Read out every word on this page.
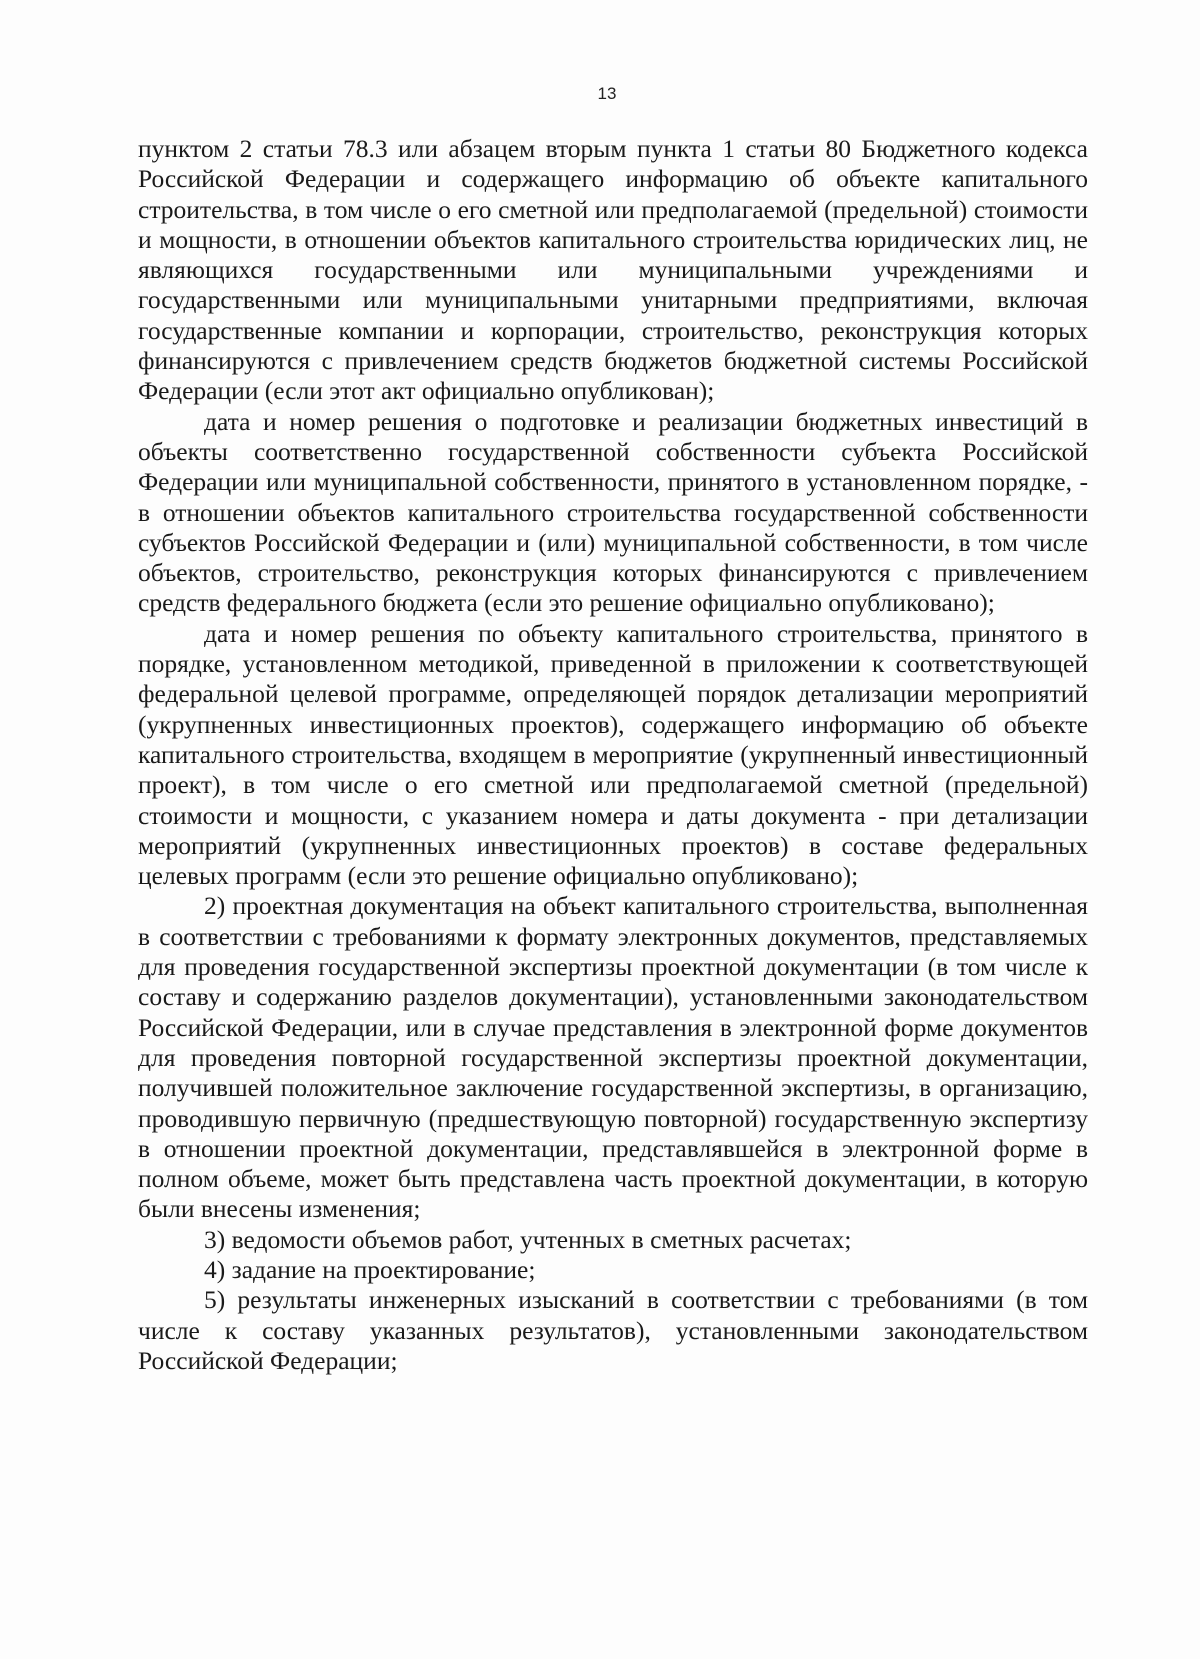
13

пунктом 2 статьи 78.3 или абзацем вторым пункта 1 статьи 80 Бюджетного кодекса Российской Федерации и содержащего информацию об объекте капитального строительства, в том числе о его сметной или предполагаемой (предельной) стоимости и мощности, в отношении объектов капитального строительства юридических лиц, не являющихся государственными или муниципальными учреждениями и государственными или муниципальными унитарными предприятиями, включая государственные компании и корпорации, строительство, реконструкция которых финансируются с привлечением средств бюджетов бюджетной системы Российской Федерации (если этот акт официально опубликован);

дата и номер решения о подготовке и реализации бюджетных инвестиций в объекты соответственно государственной собственности субъекта Российской Федерации или муниципальной собственности, принятого в установленном порядке, - в отношении объектов капитального строительства государственной собственности субъектов Российской Федерации и (или) муниципальной собственности, в том числе объектов, строительство, реконструкция которых финансируются с привлечением средств федерального бюджета (если это решение официально опубликовано);

дата и номер решения по объекту капитального строительства, принятого в порядке, установленном методикой, приведенной в приложении к соответствующей федеральной целевой программе, определяющей порядок детализации мероприятий (укрупненных инвестиционных проектов), содержащего информацию об объекте капитального строительства, входящем в мероприятие (укрупненный инвестиционный проект), в том числе о его сметной или предполагаемой сметной (предельной) стоимости и мощности, с указанием номера и даты документа - при детализации мероприятий (укрупненных инвестиционных проектов) в составе федеральных целевых программ (если это решение официально опубликовано);

2) проектная документация на объект капитального строительства, выполненная в соответствии с требованиями к формату электронных документов, представляемых для проведения государственной экспертизы проектной документации (в том числе к составу и содержанию разделов документации), установленными законодательством Российской Федерации, или в случае представления в электронной форме документов для проведения повторной государственной экспертизы проектной документации, получившей положительное заключение государственной экспертизы, в организацию, проводившую первичную (предшествующую повторной) государственную экспертизу в отношении проектной документации, представлявшейся в электронной форме в полном объеме, может быть представлена часть проектной документации, в которую были внесены изменения;

3) ведомости объемов работ, учтенных в сметных расчетах;

4) задание на проектирование;

5) результаты инженерных изысканий в соответствии с требованиями (в том числе к составу указанных результатов), установленными законодательством Российской Федерации;
